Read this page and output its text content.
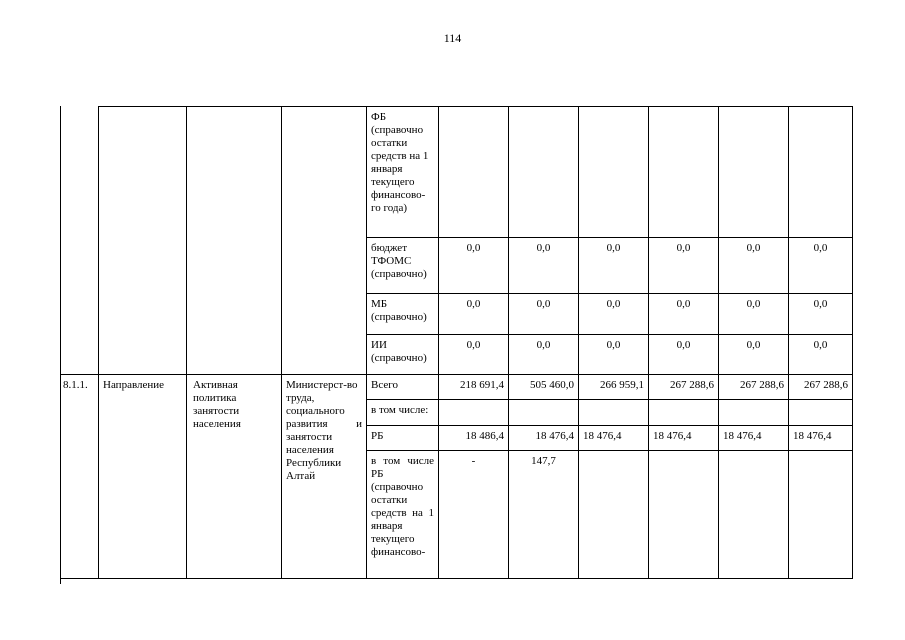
114
				ФБ (справочно остатки средств на 1 января текущего финансово-го года)						
				бюджет ТФОМС (справочно)	0,0	0,0	0,0	0,0	0,0	0,0
				МБ (справочно)	0,0	0,0	0,0	0,0	0,0	0,0
				ИИ (справочно)	0,0	0,0	0,0	0,0	0,0	0,0
8.1.1.	Направление	Активная политика занятости населения	Министерст-во труда, социального развития и занятости населения Республики Алтай	Всего	218 691,4	505 460,0	266 959,1	267 288,6	267 288,6	267 288,6
				в том числе:						
				РБ	18 486,4	18 476,4	18 476,4	18 476,4	18 476,4	18 476,4
				в том числе РБ (справочно остатки средств на 1 января текущего финансово-	-	147,7				
